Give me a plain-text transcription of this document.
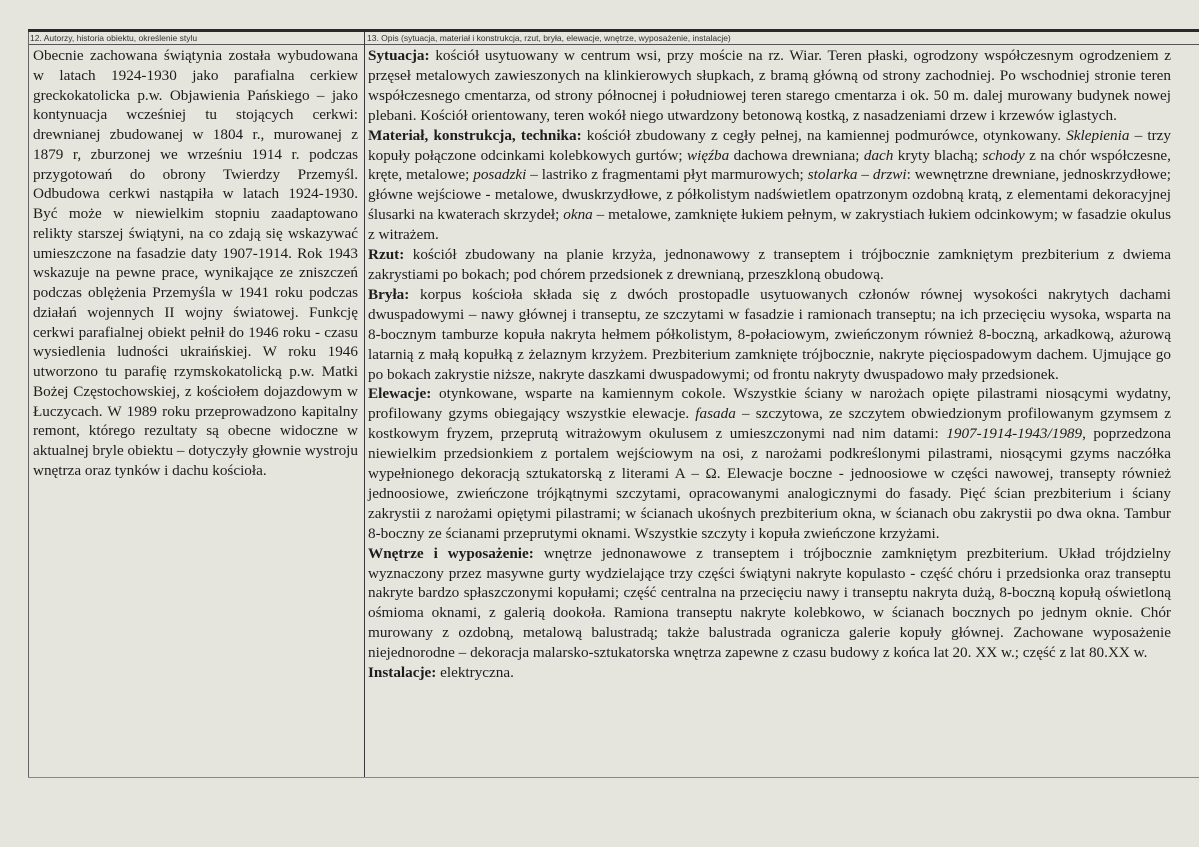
12. Autorzy, historia obiektu, określenie stylu	13. Opis (sytuacja, materiał i konstrukcja, rzut, bryła, elewacje, wnętrze, wyposażenie, instalacje)

Obecnie zachowana świątynia została wybudowana w latach 1924-1930 jako parafialna cerkiew greckokatolicka p.w. Objawienia Pańskiego – jako kontynuacja wcześniej tu stojących cerkwi: drewnianej zbudowanej w 1804 r., murowanej z 1879 r, zburzonej we wrześniu 1914 r. podczas przygotowań do obrony Twierdzy Przemyśl. Odbudowa cerkwi nastąpiła w latach 1924-1930. Być może w niewielkim stopniu zaadaptowano relikty starszej świątyni, na co zdają się wskazywać umieszczone na fasadzie daty 1907-1914. Rok 1943 wskazuje na pewne prace, wynikające ze zniszczeń podczas oblężenia Przemyśla w 1941 roku podczas działań wojennych II wojny światowej. Funkcję cerkwi parafialnej obiekt pełnił do 1946 roku - czasu wysiedlenia ludności ukraińskiej. W roku 1946 utworzono tu parafię rzymskokatolicką p.w. Matki Bożej Częstochowskiej, z kościołem dojazdowym w Łuczycach. W 1989 roku przeprowadzono kapitalny remont, którego rezultaty są obecne widoczne w aktualnej bryle obiektu – dotyczyły głownie wystroju wnętrza oraz tynków i dachu kościoła.

Sytuacja: kościół usytuowany w centrum wsi, przy moście na rz. Wiar. Teren płaski, ogrodzony współczesnym ogrodzeniem z przęseł metalowych zawieszonych na klinkierowych słupkach, z bramą główną od strony zachodniej. Po wschodniej stronie teren współczesnego cmentarza, od strony północnej i południowej teren starego cmentarza i ok. 50 m. dalej murowany budynek nowej plebani. Kościół orientowany, teren wokół niego utwardzony betonową kostką, z nasadzeniami drzew i krzewów iglastych.

Materiał, konstrukcja, technika: kościół zbudowany z cegły pełnej, na kamiennej podmurówce, otynkowany. Sklepienia – trzy kopuły połączone odcinkami kolebkowych gurtów; więźba dachowa drewniana; dach kryty blachą; schody z na chór współczesne, kręte, metalowe; posadzki – lastriko z fragmentami płyt marmurowych; stolarka – drzwi: wewnętrzne drewniane, jednoskrzydłowe; główne wejściowe - metalowe, dwuskrzydłowe, z półkolistym nadświetlem opatrzonym ozdobną kratą, z elementami dekoracyjnej ślusarki na kwaterach skrzydeł; okna – metalowe, zamknięte łukiem pełnym, w zakrystiach łukiem odcinkowym; w fasadzie okulus z witrażem.

Rzut: kościół zbudowany na planie krzyża, jednonawowy z transeptem i trójbocznie zamkniętym prezbiterium z dwiema zakrystiami po bokach; pod chórem przedsionek z drewnianą, przeszkloną obudową.

Bryła: korpus kościoła składa się z dwóch prostopadle usytuowanych członów równej wysokości nakrytych dachami dwuspadowymi – nawy głównej i transeptu, ze szczytami w fasadzie i ramionach transeptu; na ich przecięciu wysoka, wsparta na 8-bocznym tamburze kopuła nakryta hełmem półkolistym, 8-połaciowym, zwieńczonym również 8-boczną, arkadkową, ażurową latarnią z małą kopułką z żelaznym krzyżem. Prezbiterium zamknięte trójbocznie, nakryte pięciospadowym dachem. Ujmujące go po bokach zakrystie niższe, nakryte daszkami dwuspadowymi; od frontu nakryty dwuspadowo mały przedsionek.

Elewacje: otynkowane, wsparte na kamiennym cokole. Wszystkie ściany w narożach opięte pilastrami niosącymi wydatny, profilowany gzyms obiegający wszystkie elewacje. fasada – szczytowa, ze szczytem obwiedzionym profilowanym gzymsem z kostkowym fryzem, przeprutą witrażowym okulusem z umieszczonymi nad nim datami: 1907-1914-1943/1989, poprzedzona niewielkim przedsionkiem z portalem wejściowym na osi, z narożami podkreślonymi pilastrami, niosącymi gzyms naczółka wypełnionego dekoracją sztukatorską z literami A – Ω. Elewacje boczne - jednoosiowe w części nawowej, transepty również jednoosiowe, zwieńczone trójkątnymi szczytami, opracowanymi analogicznymi do fasady. Pięć ścian prezbiterium i ściany zakrystii z narożami opiętymi pilastrami; w ścianach ukośnych prezbiterium okna, w ścianach obu zakrystii po dwa okna. Tambur 8-boczny ze ścianami przeprutymi oknami. Wszystkie szczyty i kopuła zwieńczone krzyżami.

Wnętrze i wyposażenie: wnętrze jednonawowe z transeptem i trójbocznie zamkniętym prezbiterium. Układ trójdzielny wyznaczony przez masywne gurty wydzielające trzy części świątyni nakryte kopulasto - część chóru i przedsionka oraz transeptu nakryte bardzo spłaszczonymi kopułami; część centralna na przecięciu nawy i transeptu nakryta dużą, 8-boczną kopułą oświetloną ośmioma oknami, z galerią dookoła. Ramiona transeptu nakryte kolebkowo, w ścianach bocznych po jednym oknie. Chór murowany z ozdobną, metalową balustradą; także balustrada ogranicza galerie kopuły głównej. Zachowane wyposażenie niejednorodne – dekoracja malarsko-sztukatorska wnętrza zapewne z czasu budowy z końca lat 20. XX w.; część z lat 80.XX w.

Instalacje: elektryczna.
